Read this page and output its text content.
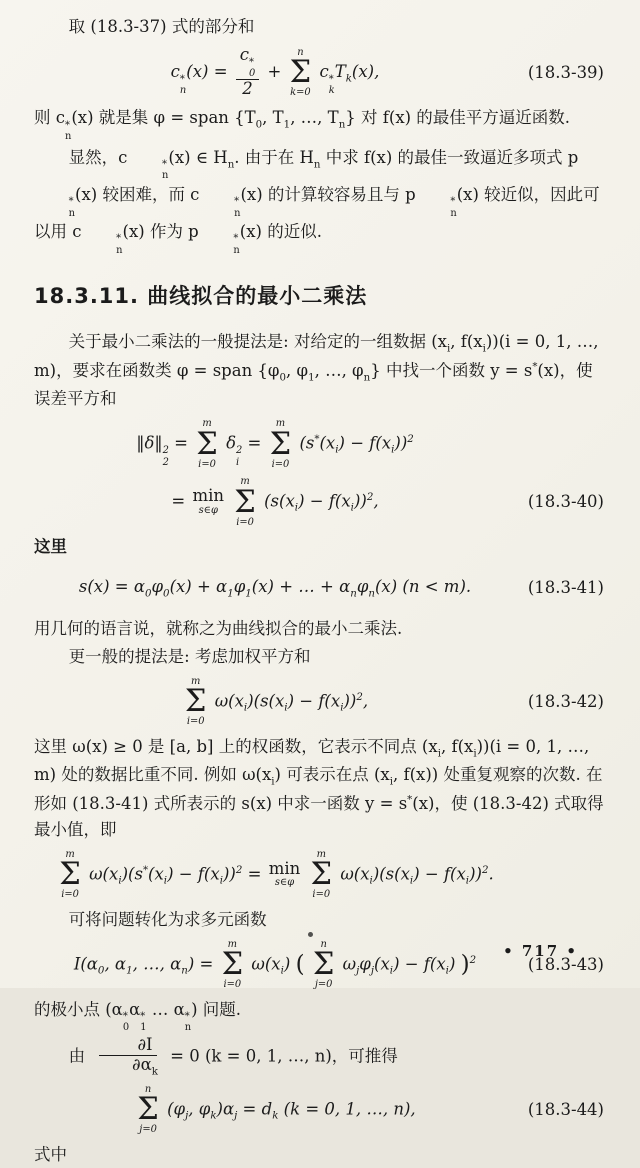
取 (18.3-37) 式的部分和

c *
n
(x) = c *
0
2 +
n
Σ
k=0
c *
k
$T_k(x)$,	(18.3-39)

则 c *
n
(x) 就是集 φ = span {$T_0$, $T_1$, …, $T_n$} 对 f(x) 的最佳平方逼近函数.

显然，c	*
n
(x) ∈ $H_n$. 由于在 $H_n$ 中求 f(x) 的最佳一致逼近多项式 p
*
n
(x) 较困难，而 c	*
n
(x) 的计算较容易且与 p	*
n
(x) 较近似，因此可以用 c	*
n
(x) 作为 p	*
n
(x) 的近似.

18.3.11. 曲线拟合的最小二乘法

关于最小二乘法的一般提法是: 对给定的一组数据 ($x_i$, $f(x_i))(i = 0$, 1, …, m)，要求在函数类 φ = span {$\varphi_0$, $\varphi_1$, …, $\varphi_n$} 中找一个函数 y = s*(x)，使误差平方和

‖δ‖ 2
2
=
m
Σ
i=0
δ 2
i
=
m
Σ
i=0
$(s^*(x_i) - f(x_i))^2$
= min
s∈φ

m
Σ
i=0
$(s(x_i) - f(x_i))^2$,	(18.3-40)

这里

$s(x) = \alpha_0\varphi_0(x) + \alpha_1\varphi_1(x)$ + … + $\alpha_n\varphi_n(x) (n < m)$.	(18.3-41)

用几何的语言说，就称之为曲线拟合的最小二乘法.

更一般的提法是: 考虑加权平方和

m
Σ
i=0
$\omega(x_i)(s(x_i) - f(x_i))^2$,	(18.3-42)

这里 ω(x) ≥ 0 是 [a, b] 上的权函数，它表示不同点 ($x_i$, $f(x_i))(i = 0$, 1, …, m) 处的数据比重不同. 例如 $\omega(x_i)$ 可表示在点 ($x_i$, f(x)) 处重复观察的次数. 在形如 (18.3-41) 式所表示的 s(x) 中求一函数 y = s*(x)，使 (18.3-42) 式取得最小值，即

m
Σ
i=0
$\omega(x_i)(s^*(x_i) - f(x_i))^2 = \min$
s∈φ

m
Σ
i=0
$\omega(x_i)(s(x_i) - f(x_i))^2$.

可将问题转化为求多元函数

$I(\alpha_0$, $\alpha_1$, …, $\alpha_n$) =
m
Σ
i=0
$\omega(x_i)$ (
n
Σ
j=0
$\omega_j\varphi_j(x_i) - f(x_i)$ )$^2$	(18.3-43)

的极小点 (α *
0
α *
1
… α *
n
) 问题.

由 $\frac{\partial I}{\partial\alpha_k} = 0$ (k = 0, 1, …, n)，可推得

n
Σ
j=0
($\varphi_j$, $\varphi_k)\alpha_j = d_k$ (k = 0, 1, …, n),	(18.3-44)

式中

• 717 •
